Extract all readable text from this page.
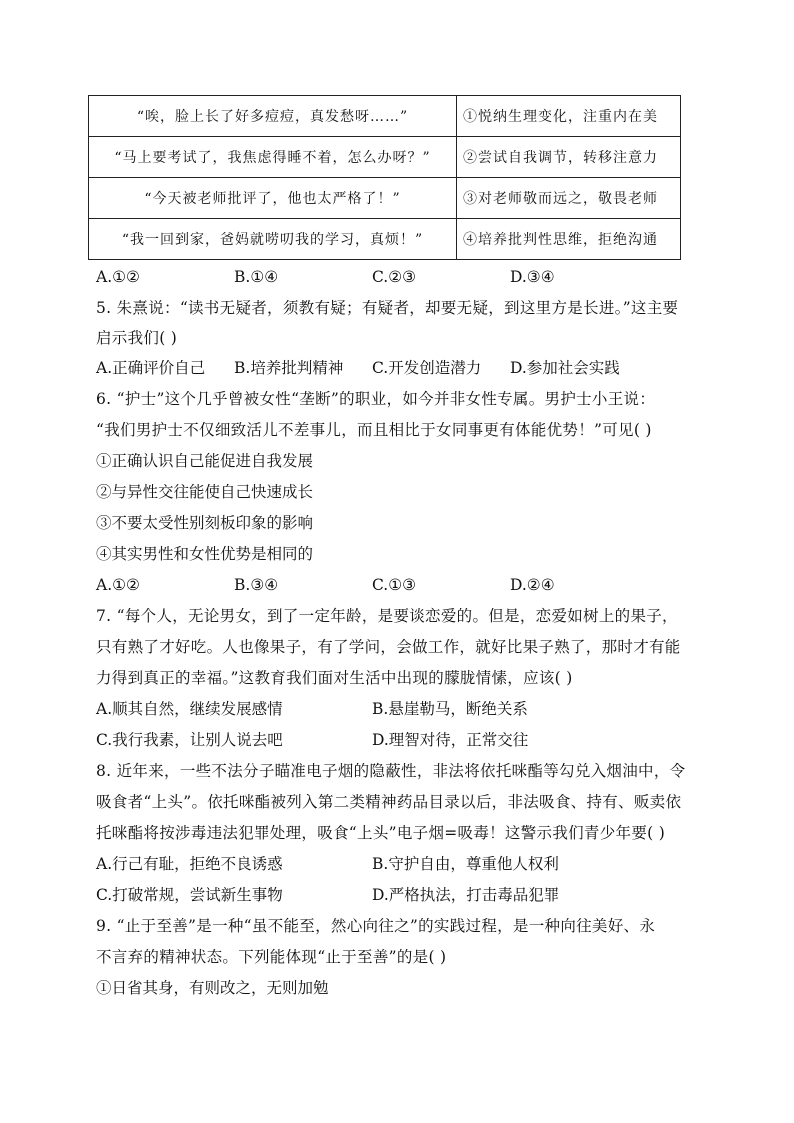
“唉，脸上长了好多痘痘，真发愁呀……”	①悦纳生理变化，注重内在美
“马上要考试了，我焦虑得睡不着，怎么办呀？”	②尝试自我调节，转移注意力
“今天被老师批评了，他也太严格了！”	③对老师敬而远之，敬畏老师
“我一回到家，爸妈就唠叨我的学习，真烦！”	④培养批判性思维，拒绝沟通
A.①②	B.①④	C.②③	D.③④
5. 朱熹说：“读书无疑者，须教有疑；有疑者，却要无疑，到这里方是长进。”这主要
启示我们( )
A.正确评价自己 B.培养批判精神 C.开发创造潜力 D.参加社会实践
6. “护士”这个几乎曾被女性“垄断”的职业，如今并非女性专属。男护士小王说：
“我们男护士不仅细致活儿不差事儿，而且相比于女同事更有体能优势！”可见( )
①正确认识自己能促进自我发展
②与异性交往能使自己快速成长
③不要太受性别刻板印象的影响
④其实男性和女性优势是相同的
A.①②	B.③④	C.①③	D.②④
7. “每个人，无论男女，到了一定年龄，是要谈恋爱的。但是，恋爱如树上的果子，
只有熟了才好吃。人也像果子，有了学问，会做工作，就好比果子熟了，那时才有能
力得到真正的幸福。”这教育我们面对生活中出现的朦胧情愫，应该( )
A.顺其自然，继续发展感情	B.悬崖勒马，断绝关系
C.我行我素，让别人说去吧	D.理智对待，正常交往
8. 近年来，一些不法分子瞄准电子烟的隐蔽性，非法将依托咪酯等勾兑入烟油中，令
吸食者“上头”。依托咪酯被列入第二类精神药品目录以后，非法吸食、持有、贩卖依
托咪酯将按涉毒违法犯罪处理，吸食“上头”电子烟=吸毒！这警示我们青少年要( )
A.行己有耻，拒绝不良诱惑	B.守护自由，尊重他人权利
C.打破常规，尝试新生事物	D.严格执法，打击毒品犯罪
9. “止于至善”是一种“虽不能至，然心向往之”的实践过程，是一种向往美好、永
不言弃的精神状态。下列能体现“止于至善”的是( )
①日省其身，有则改之，无则加勉
